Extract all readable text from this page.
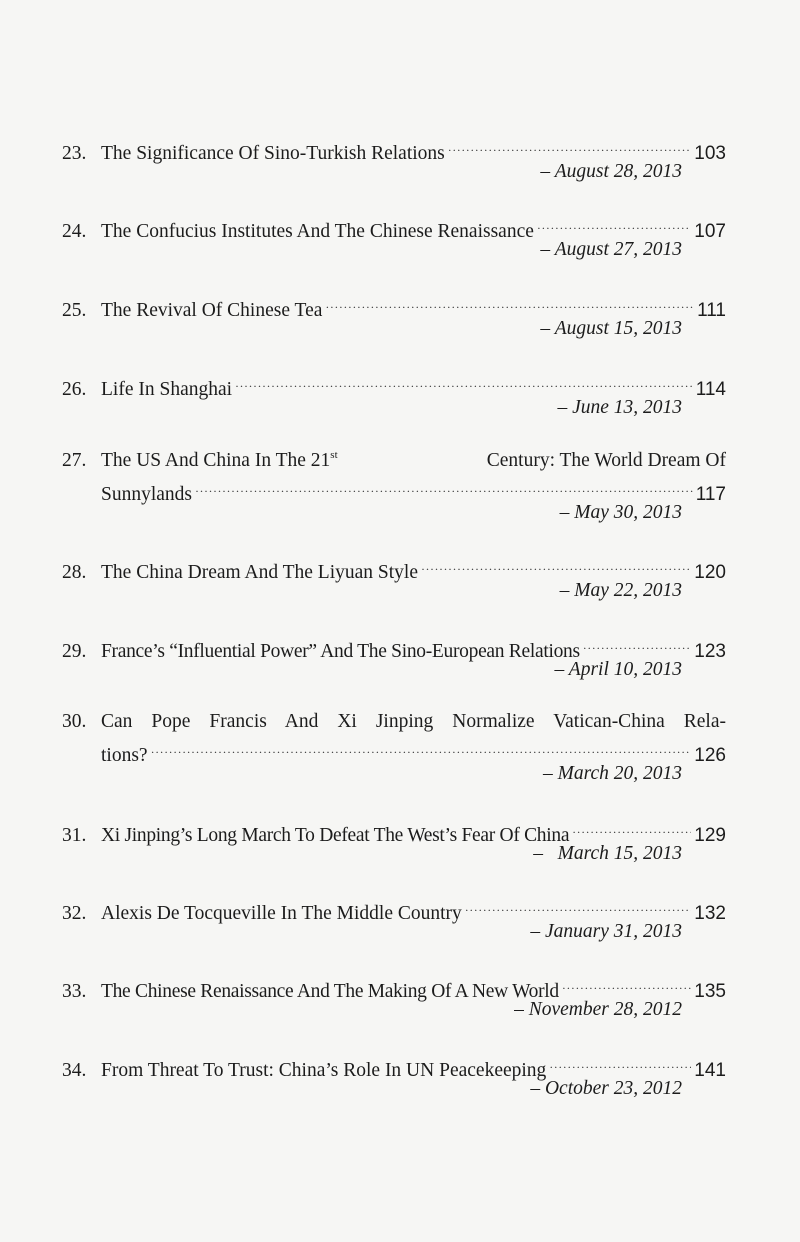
23. The Significance Of Sino-Turkish Relations ·····	103
– August 28, 2013
24. The Confucius Institutes And The Chinese Renaissance ·····	107
– August 27, 2013
25. The Revival Of Chinese Tea ·····	111
– August 15, 2013
26. Life In Shanghai ·····	114
– June 13, 2013
27. The US And China In The 21st	Century: The World Dream Of
Sunnylands ·····	117
– May 30, 2013
28. The China Dream And The Liyuan Style ·····	120
– May 22, 2013
29. France’s “Influential Power” And The Sino-European Relations ·····	123
– April 10, 2013
30. Can Pope Francis And Xi Jinping Normalize Vatican-China Rela-
tions? ·····	126
– March 20, 2013
31. Xi Jinping’s Long March To Defeat The West’s Fear Of China ·····	129
–   March 15, 2013
32. Alexis De Tocqueville In The Middle Country ·····	132
– January 31, 2013
33. The Chinese Renaissance And The Making Of A New World ·····	135
– November 28, 2012
34. From Threat To Trust: China’s Role In UN Peacekeeping ·····	141
– October 23, 2012
